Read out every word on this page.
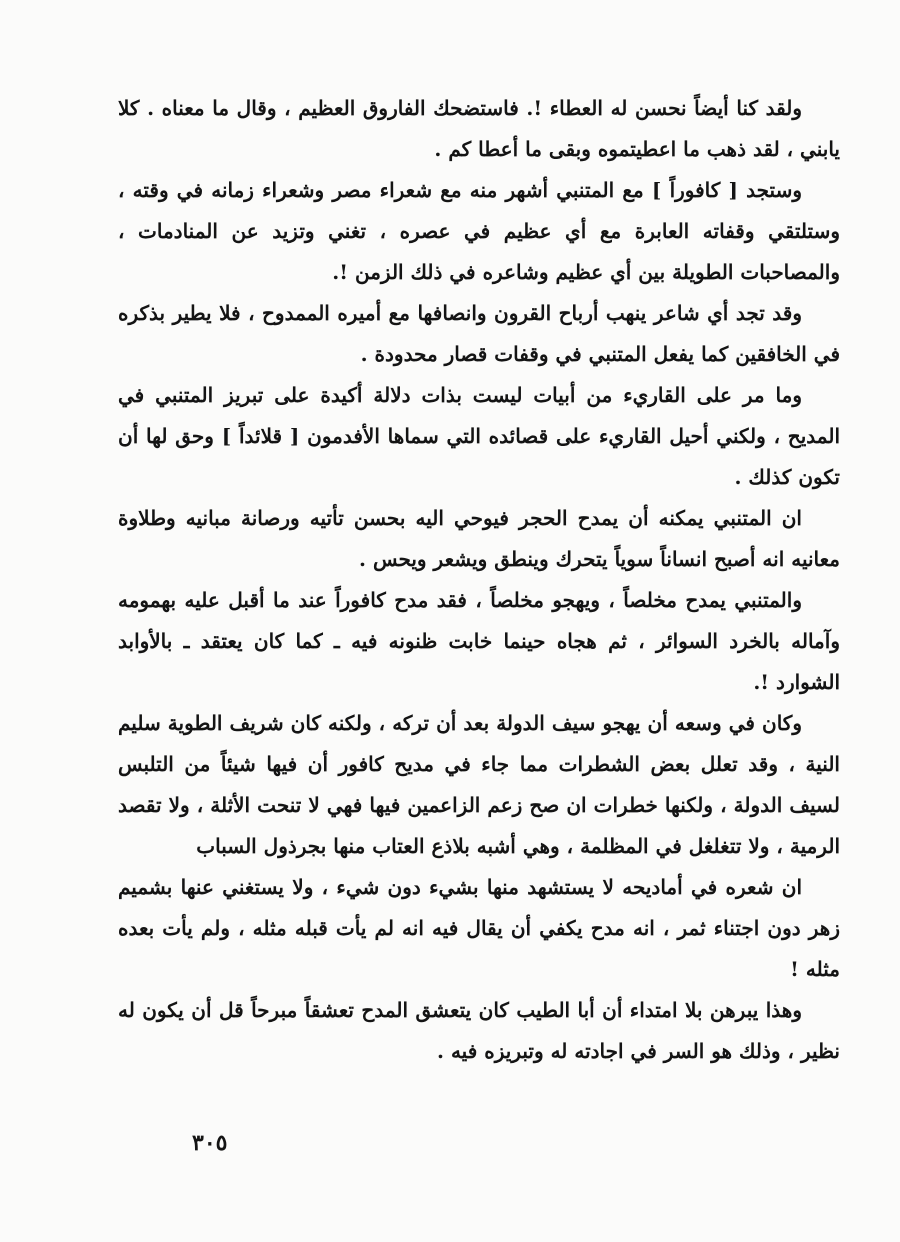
ولقد كنا أيضاً نحسن له العطاء !. فاستضحك الفاروق العظيم ، وقال ما معناه . كلا يابني ، لقد ذهب ما اعطيتموه وبقى ما أعطا كم .

وستجد [ كافوراً ] مع المتنبي أشهر منه مع شعراء مصر وشعراء زمانه في وقته ، وستلتقي وقفاته العابرة مع أي عظيم في عصره ، تغني وتزيد عن المنادمات ، والمصاحبات الطويلة بين أي عظيم وشاعره في ذلك الزمن !.

وقد تجد أي شاعر ينهب أرباح القرون وانصافها مع أميره الممدوح ، فلا يطير بذكره في الخافقين كما يفعل المتنبي في وقفات قصار محدودة .

وما مر على القاريء من أبيات ليست بذات دلالة أكيدة على تبريز المتنبي في المديح ، ولكني أحيل القاريء على قصائده التي سماها الأفدمون [ قلائداً ] وحق لها أن تكون كذلك .

ان المتنبي يمكنه أن يمدح الحجر فيوحي اليه بحسن تأتيه ورصانة مبانيه وطلاوة معانيه انه أصبح انساناً سوياً يتحرك وينطق ويشعر ويحس .

والمتنبي يمدح مخلصاً ، ويهجو مخلصاً ، فقد مدح كافوراً عند ما أقبل عليه بهمومه وآماله بالخرد السوائر ، ثم هجاه حينما خابت ظنونه فيه ـ كما كان يعتقد ـ بالأوابد الشوارد !.

وكان في وسعه أن يهجو سيف الدولة بعد أن تركه ، ولكنه كان شريف الطوية سليم النية ، وقد تعلل بعض الشطرات مما جاء في مديح كافور أن فيها شيئاً من التلبس لسيف الدولة ، ولكنها خطرات ان صح زعم الزاعمين فيها فهي لا تنحت الأثلة ، ولا تقصد الرمية ، ولا تتغلغل في المظلمة ، وهي أشبه بلاذع العتاب منها بجرذول السباب

ان شعره في أماديحه لا يستشهد منها بشيء دون شيء ، ولا يستغني عنها بشميم زهر دون اجتناء ثمر ، انه مدح يكفي أن يقال فيه انه لم يأت قبله مثله ، ولم يأت بعده مثله !

وهذا يبرهن بلا امتداء أن أبا الطيب كان يتعشق المدح تعشقاً مبرحاً قل أن يكون له نظير ، وذلك هو السر في اجادته له وتبريزه فيه .

٣٠٥
